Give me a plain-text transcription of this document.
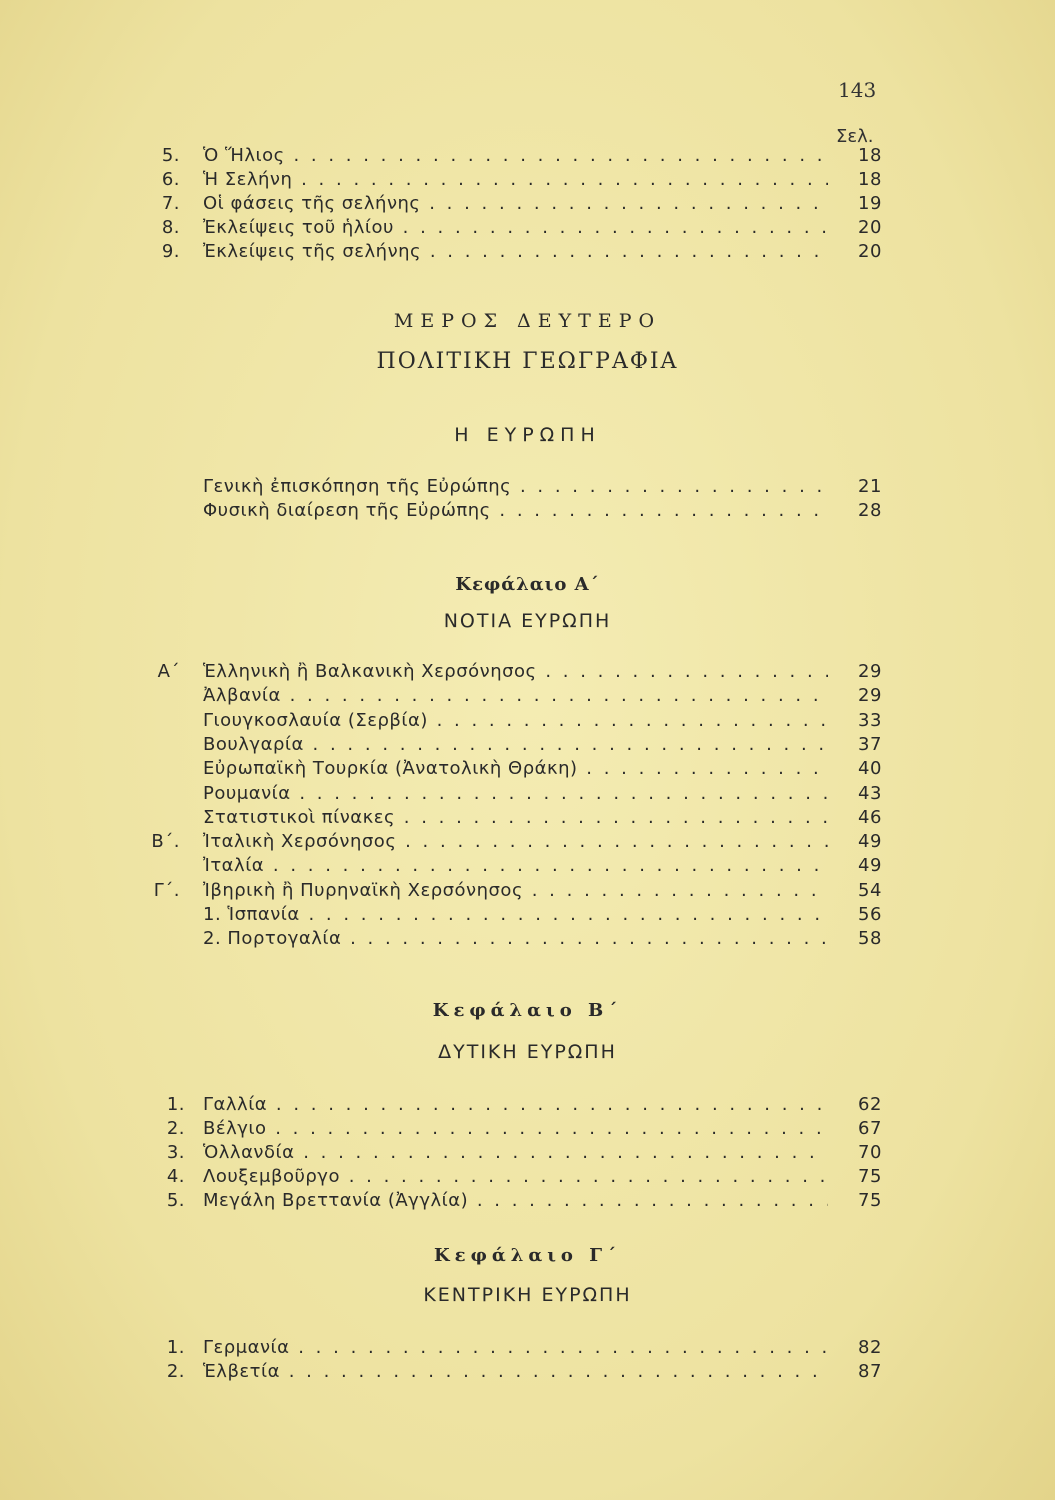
143
Σελ.
5. Ὁ Ἥλιος . . .	18
6. Ἡ Σελήνη . . .	18
7. Οἱ φάσεις τῆς σελήνης . . .	19
8. Ἐκλείψεις τοῦ ἡλίου . . .	20
9. Ἐκλείψεις τῆς σελήνης . . .	20
ΜΕΡΟΣ ΔΕΥΤΕΡΟ
ΠΟΛΙΤΙΚΗ ΓΕΩΓΡΑΦΙΑ
Η ΕΥΡΩΠΗ
Γενικὴ ἐπισκόπηση τῆς Εὐρώπης . . .	21
Φυσικὴ διαίρεση τῆς Εὐρώπης . . .	28
Κεφάλαιο Α΄
ΝΟΤΙΑ ΕΥΡΩΠΗ
Α΄ Ἑλληνικὴ ἢ Βαλκανικὴ Χερσόνησος . . .	29
Ἀλβανία . . .	29
Γιουγκοσλαυία (Σερβία) . . .	33
Βουλγαρία . . .	37
Εὐρωπαϊκὴ Τουρκία (Ἀνατολικὴ Θράκη) . . .	40
Ρουμανία . . .	43
Στατιστικοὶ πίνακες . . .	46
Β΄. Ἰταλικὴ Χερσόνησος . . .	49
Ἰταλία . . .	49
Γ΄. Ἰβηρικὴ ἢ Πυρηναϊκὴ Χερσόνησος . . .	54
1. Ἱσπανία . . .	56
2. Πορτογαλία . . .	58
Κεφάλαιο Β΄
ΔΥΤΙΚΗ ΕΥΡΩΠΗ
1. Γαλλία . . .	62
2. Βέλγιο . . .	67
3. Ὁλλανδία . . .	70
4. Λουξεμβοῦργο . . .	75
5. Μεγάλη Βρεττανία (Ἀγγλία) . . .	75
Κεφάλαιο Γ΄
ΚΕΝΤΡΙΚΗ ΕΥΡΩΠΗ
1. Γερμανία . . .	82
2. Ἑλβετία . . .	87
